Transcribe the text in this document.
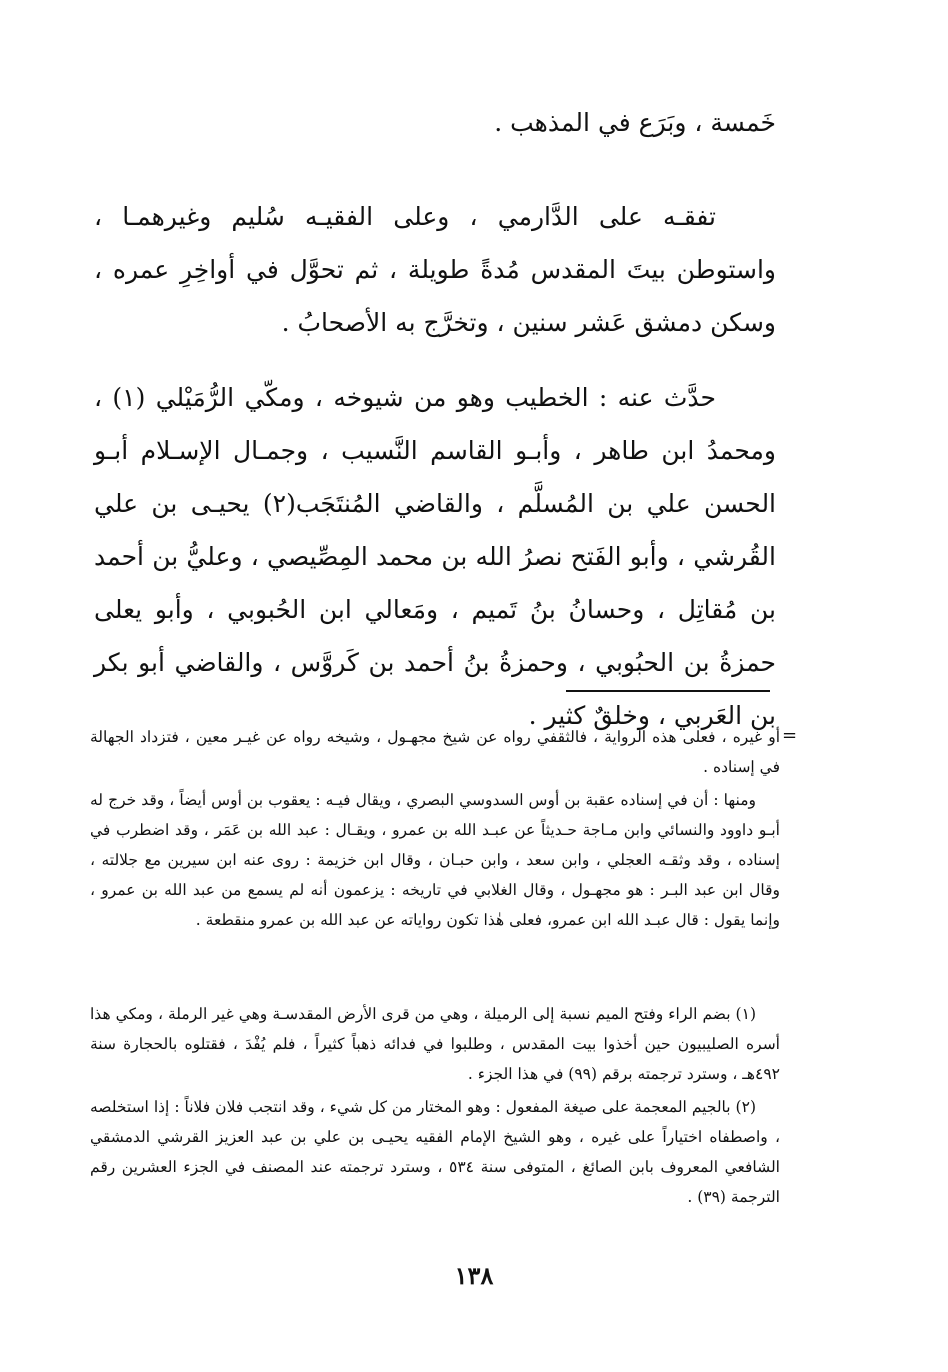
خَمسة ، وبَرَع في المذهب .

تفقـه على الدَّارمي ، وعلى الفقيـه سُليم وغيرهمـا ، واستوطن بيتَ المقدس مُدةً طويلة ، ثم تحوَّل في أواخِرِ عمره ، وسكن دمشق عَشر سنين ، وتخرَّج به الأصحابُ .

حدَّث عنه : الخطيب وهو من شيوخه ، ومكّي الرُّمَيْلي (١) ، ومحمدُ ابن طاهر ، وأبـو القاسم النَّسيب ، وجمـال الإسـلام أبـو الحسن علي بن المُسلَّم ، والقاضي المُنتَجَب(٢) يحيـى بن علي القُرشي ، وأبو الفَتح نصرُ الله بن محمد المِصِّيصي ، وعليُّ بن أحمد بن مُقاتِل ، وحسانُ بنُ تَميم ، ومَعالي ابن الحُبوبي ، وأبو يعلى حمزةُ بن الحبُوبي ، وحمزةُ بنُ أحمد بن كَروَّس ، والقاضي أبو بكر بن العَربي ، وخلقٌ كثير .

=

أو غيره ، فعلى هذه الرواية ، فالثقفي رواه عن شيخ مجهـول ، وشيخه رواه عن غيـر معين ، فتزداد الجهالة في إسناده .

ومنها : أن في إسناده عقبة بن أوس السدوسي البصري ، ويقال فيـه : يعقوب بن أوس أيضاً ، وقد خرج له أبـو داوود والنسائي وابن مـاجة حـديثاً عن عبـد الله بن عمرو ، ويقـال : عبد الله بن عَمَر ، وقد اضطرب في إسناده ، وقد وثقـه العجلي ، وابن سعد ، وابن حبـان ، وقال ابن خزيمة : روى عنه ابن سيرين مع جلالته ، وقال ابن عبد البـر : هو مجهـول ، وقال الغلابي في تاريخه : يزعمون أنه لم يسمع من عبد الله بن عمرو ، وإنما يقول : قال عبـد الله ابن عمرو، فعلى هٰذا تكون رواياته عن عبد الله بن عمرو منقطعة .

(١) بضم الراء وفتح الميم نسبة إلى الرميلة ، وهي من قرى الأرض المقدسـة وهي غير الرملة ، ومكي هذا أسره الصليبيون حين أخذوا بيت المقدس ، وطلبوا في فدائه ذهباً كثيراً ، فلم يُفْدَ ، فقتلوه بالحجارة سنة ٤٩٢هـ ، وسترد ترجمته برقم (٩٩) في هذا الجزء .

(٢) بالجيم المعجمة على صيغة المفعول : وهو المختار من كل شيء ، وقد انتجب فلان فلاناً : إذا استخلصه ، واصطفاه اختياراً على غيره ، وهو الشيخ الإمام الفقيه يحيـى بن علي بن عبد العزيز القرشي الدمشقي الشافعي المعروف بابن الصائغ ، المتوفى سنة ٥٣٤ ، وسترد ترجمته عند المصنف في الجزء العشرين رقم الترجمة (٣٩) .

١٣٨
